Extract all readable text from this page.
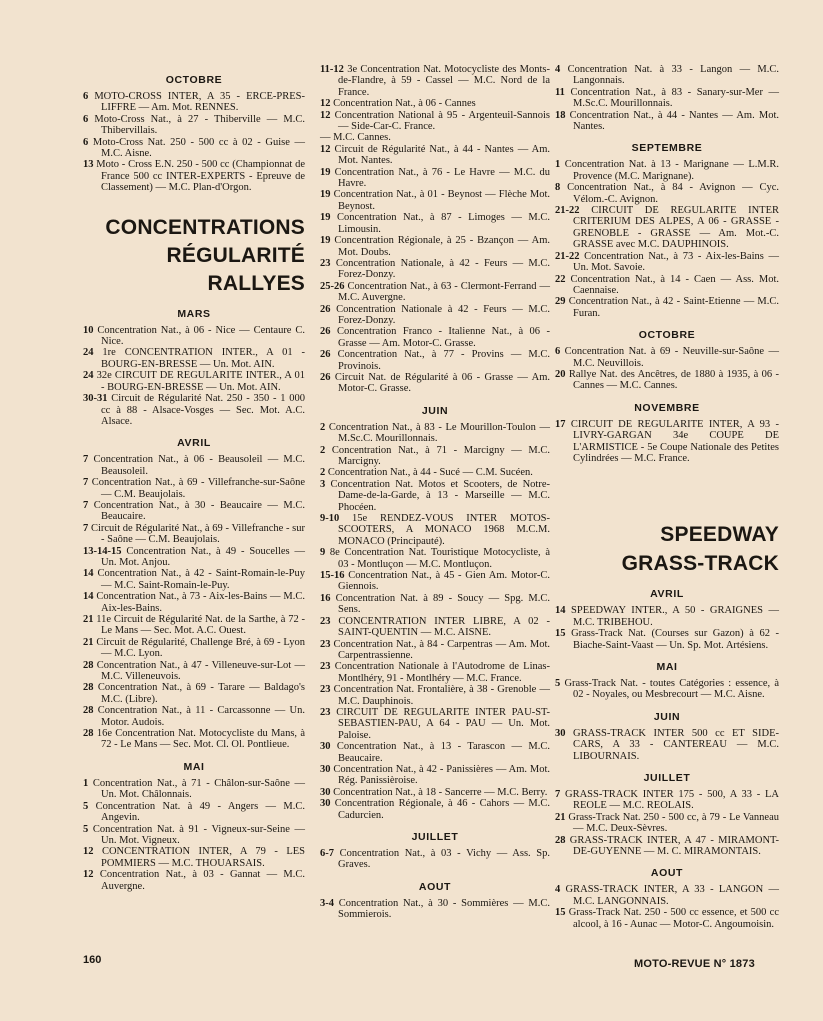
OCTOBRE
6 MOTO-CROSS INTER, A 35 - ERCE-PRES-LIFFRE — Am. Mot. RENNES.
6 Moto-Cross Nat., à 27 - Thiberville — M.C. Thibervillais.
6 Moto-Cross Nat. 250 - 500 cc à 02 - Guise — M.C. Aisne.
13 Moto - Cross E.N. 250 - 500 cc (Championnat de France 500 cc INTER-EXPERTS - Epreuve de Classement) — M.C. Plan-d'Orgon.
CONCENTRATIONS
RÉGULARITÉ
RALLYES
MARS
10 Concentration Nat., à 06 - Nice — Centaure C. Nice.
24 1re CONCENTRATION INTER., A 01 - BOURG-EN-BRESSE — Un. Mot. AIN.
24 32e CIRCUIT DE REGULARITE INTER., A 01 - BOURG-EN-BRESSE — Un. Mot. AIN.
30-31 Circuit de Régularité Nat. 250 - 350 - 1 000 cc à 88 - Alsace-Vosges — Sec. Mot. A.C. Alsace.
AVRIL
7 Concentration Nat., à 06 - Beausoleil — M.C. Beausoleil.
7 Concentration Nat., à 69 - Villefranche-sur-Saône — C.M. Beaujolais.
7 Concentration Nat., à 30 - Beaucaire — M.C. Beaucaire.
7 Circuit de Régularité Nat., à 69 - Villefranche - sur - Saône — C.M. Beaujolais.
13-14-15 Concentration Nat., à 49 - Soucelles — Un. Mot. Anjou.
14 Concentration Nat., à 42 - Saint-Romain-le-Puy — M.C. Saint-Romain-le-Puy.
14 Concentration Nat., à 73 - Aix-les-Bains — M.C. Aix-les-Bains.
21 11e Circuit de Régularité Nat. de la Sarthe, à 72 - Le Mans — Sec. Mot. A.C. Ouest.
21 Circuit de Régularité, Challenge Bré, à 69 - Lyon — M.C. Lyon.
28 Concentration Nat., à 47 - Villeneuve-sur-Lot — M.C. Villeneuvois.
28 Concentration Nat., à 69 - Tarare — Baldago's M.C. (Libre).
28 Concentration Nat., à 11 - Carcassonne — Un. Motor. Audois.
28 16e Concentration Nat. Motocycliste du Mans, à 72 - Le Mans — Sec. Mot. Cl. Ol. Pontlieue.
MAI
1 Concentration Nat., à 71 - Châlon-sur-Saône — Un. Mot. Châlonnais.
5 Concentration Nat. à 49 - Angers — M.C. Angevin.
5 Concentration Nat. à 91 - Vigneux-sur-Seine — Un. Mot. Vigneux.
12 CONCENTRATION INTER, A 79 - LES POMMIERS — M.C. THOUARSAIS.
12 Concentration Nat., à 03 - Gannat — M.C. Auvergne.
11-12 3e Concentration Nat. Motocycliste des Monts-de-Flandre, à 59 - Cassel — M.C. Nord de la France.
12 Concentration Nat., à 06 - Cannes
12 Concentration National à 95 - Argenteuil-Sannois — Side-Car-C. France.
— M.C. Cannes.
12 Circuit de Régularité Nat., à 44 - Nantes — Am. Mot. Nantes.
19 Concentration Nat., à 76 - Le Havre — M.C. du Havre.
19 Concentration Nat., à 01 - Beynost — Flèche Mot. Beynost.
19 Concentration Nat., à 87 - Limoges — M.C. Limousin.
19 Concentration Régionale, à 25 - Bzançon — Am. Mot. Doubs.
23 Concentration Nationale, à 42 - Feurs — M.C. Forez-Donzy.
25-26 Concentration Nat., à 63 - Clermont-Ferrand — M.C. Auvergne.
26 Concentration Nationale à 42 - Feurs — M.C. Forez-Donzy.
26 Concentration Franco - Italienne Nat., à 06 - Grasse — Am. Motor-C. Grasse.
26 Concentration Nat., à 77 - Provins — M.C. Provinois.
26 Circuit Nat. de Régularité à 06 - Grasse — Am. Motor-C. Grasse.
JUIN
2 Concentration Nat., à 83 - Le Mourillon-Toulon — M.Sc.C. Mourillonnais.
2 Concentration Nat., à 71 - Marcigny — M.C. Marcigny.
2 Concentration Nat., à 44 - Sucé — C.M. Sucéen.
3 Concentration Nat. Motos et Scooters, de Notre-Dame-de-la-Garde, à 13 - Marseille — M.C. Phocéen.
9-10 15e RENDEZ-VOUS INTER MOTOS-SCOOTERS, A MONACO 1968 M.C.M. MONACO (Principauté).
9 8e Concentration Nat. Touristique Motocycliste, à 03 - Montluçon — M.C. Montluçon.
15-16 Concentration Nat., à 45 - Gien Am. Motor-C. Giennois.
16 Concentration Nat. à 89 - Soucy — Spg. M.C. Sens.
23 CONCENTRATION INTER LIBRE, A 02 - SAINT-QUENTIN — M.C. AISNE.
23 Concentration Nat., à 84 - Carpentras — Am. Mot. Carpentrassienne.
23 Concentration Nationale à l'Autodrome de Linas-Montlhéry, 91 - Montlhéry — M.C. France.
23 Concentration Nat. Frontalière, à 38 - Grenoble — M.C. Dauphinois.
23 CIRCUIT DE REGULARITE INTER PAU-ST-SEBASTIEN-PAU, A 64 - PAU — Un. Mot. Paloise.
30 Concentration Nat., à 13 - Tarascon — M.C. Beaucaire.
30 Concentration Nat., à 42 - Panissières — Am. Mot. Rég. Panissièroise.
30 Concentration Nat., à 18 - Sancerre — M.C. Berry.
30 Concentration Régionale, à 46 - Cahors — M.C. Cadurcien.
JUILLET
6-7 Concentration Nat., à 03 - Vichy — Ass. Sp. Graves.
AOUT
3-4 Concentration Nat., à 30 - Sommières — M.C. Sommierois.
4 Concentration Nat. à 33 - Langon — M.C. Langonnais.
11 Concentration Nat., à 83 - Sanary-sur-Mer — M.Sc.C. Mourillonnais.
18 Concentration Nat., à 44 - Nantes — Am. Mot. Nantes.
SEPTEMBRE
1 Concentration Nat. à 13 - Marignane — L.M.R. Provence (M.C. Marignane).
8 Concentration Nat., à 84 - Avignon — Cyc. Vélom.-C. Avignon.
21-22 CIRCUIT DE REGULARITE INTER CRITERIUM DES ALPES, A 06 - GRASSE - GRENOBLE - GRASSE — Am. Mot.-C. GRASSE avec M.C. DAUPHINOIS.
21-22 Concentration Nat., à 73 - Aix-les-Bains — Un. Mot. Savoie.
22 Concentration Nat., à 14 - Caen — Ass. Mot. Caennaise.
29 Concentration Nat., à 42 - Saint-Etienne — M.C. Furan.
OCTOBRE
6 Concentration Nat. à 69 - Neuville-sur-Saône — M.C. Neuvillois.
20 Rallye Nat. des Ancêtres, de 1880 à 1935, à 06 - Cannes — M.C. Cannes.
NOVEMBRE
17 CIRCUIT DE REGULARITE INTER, A 93 - LIVRY-GARGAN 34e COUPE DE L'ARMISTICE - 5e Coupe Nationale des Petites Cylindrées — M.C. France.
SPEEDWAY
GRASS-TRACK
AVRIL
14 SPEEDWAY INTER., A 50 - GRAIGNES — M.C. TRIBEHOU.
15 Grass-Track Nat. (Courses sur Gazon) à 62 - Biache-Saint-Vaast — Un. Sp. Mot. Artésiens.
MAI
5 Grass-Track Nat. - toutes Catégories : essence, à 02 - Noyales, ou Mesbrecourt — M.C. Aisne.
JUIN
30 GRASS-TRACK INTER 500 cc ET SIDE-CARS, A 33 - CANTEREAU — M.C. LIBOURNAIS.
JUILLET
7 GRASS-TRACK INTER 175 - 500, A 33 - LA REOLE — M.C. REOLAIS.
21 Grass-Track Nat. 250 - 500 cc, à 79 - Le Vanneau — M.C. Deux-Sèvres.
28 GRASS-TRACK INTER, A 47 - MIRAMONT-DE-GUYENNE — M. C. MIRAMONTAIS.
AOUT
4 GRASS-TRACK INTER, A 33 - LANGON — M.C. LANGONNAIS.
15 Grass-Track Nat. 250 - 500 cc essence, et 500 cc alcool, à 16 - Aunac — Motor-C. Angoumoisin.
160	MOTO-REVUE N° 1873
